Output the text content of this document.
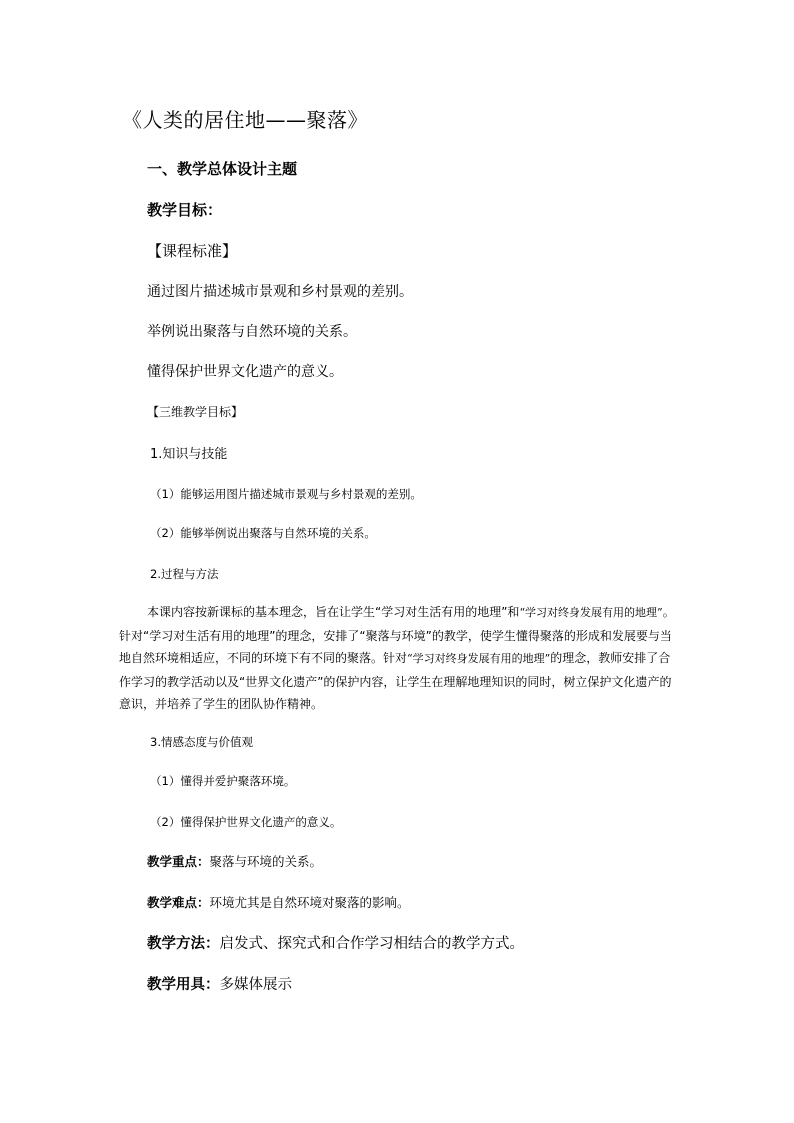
《人类的居住地——聚落》

一、教学总体设计主题

教学目标：

【课程标准】

通过图片描述城市景观和乡村景观的差别。

举例说出聚落与自然环境的关系。

懂得保护世界文化遗产的意义。

【三维教学目标】

1.知识与技能

（1）能够运用图片描述城市景观与乡村景观的差别。

（2）能够举例说出聚落与自然环境的关系。

2.过程与方法

本课内容按新课标的基本理念，旨在让学生“学习对生活有用的地理”和“学习对终身发展有用的地理”。针对“学习对生活有用的地理”的理念，安排了“聚落与环境”的教学，使学生懂得聚落的形成和发展要与当地自然环境相适应，不同的环境下有不同的聚落。针对“学习对终身发展有用的地理”的理念，教师安排了合作学习的教学活动以及“世界文化遗产”的保护内容，让学生在理解地理知识的同时，树立保护文化遗产的意识，并培养了学生的团队协作精神。

3.情感态度与价值观

（1）懂得并爱护聚落环境。

（2）懂得保护世界文化遗产的意义。

教学重点：聚落与环境的关系。

教学难点：环境尤其是自然环境对聚落的影响。

教学方法：启发式、探究式和合作学习相结合的教学方式。

教学用具：多媒体展示
